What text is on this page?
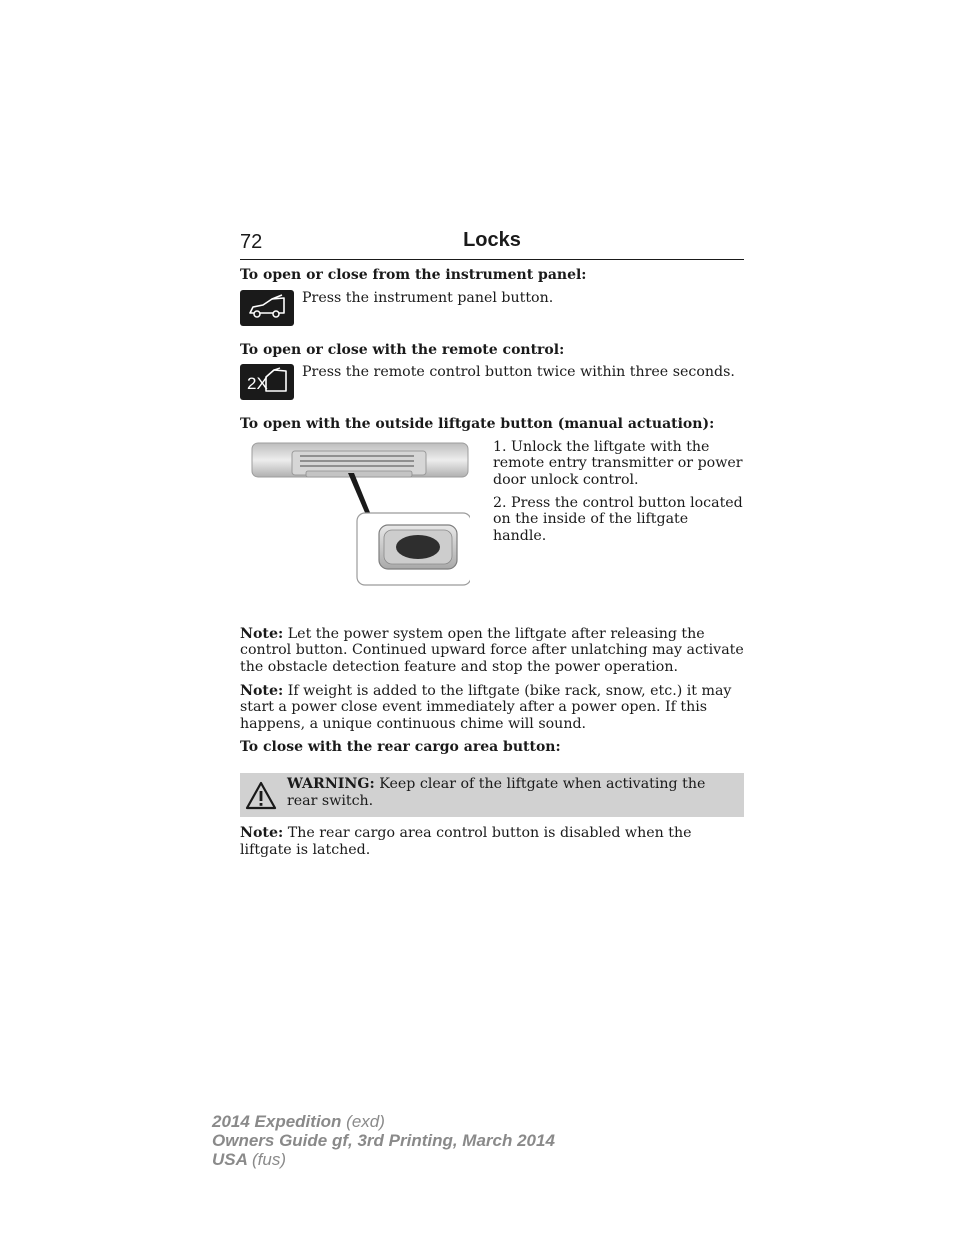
72	Locks

To open or close from the instrument panel:

Press the instrument panel button.

To open or close with the remote control:

2X
Press the remote control button twice within three seconds.

To open with the outside liftgate button (manual actuation):

1. Unlock the liftgate with the remote entry transmitter or power door unlock control.

2. Press the control button located on the inside of the liftgate handle.

Note: Let the power system open the liftgate after releasing the control button. Continued upward force after unlatching may activate the obstacle detection feature and stop the power operation.

Note: If weight is added to the liftgate (bike rack, snow, etc.) it may start a power close event immediately after a power open. If this happens, a unique continuous chime will sound.

To close with the rear cargo area button:

WARNING: Keep clear of the liftgate when activating the rear switch.

Note: The rear cargo area control button is disabled when the liftgate is latched.

2014 Expedition (exd)
Owners Guide gf, 3rd Printing, March 2014
USA (fus)
